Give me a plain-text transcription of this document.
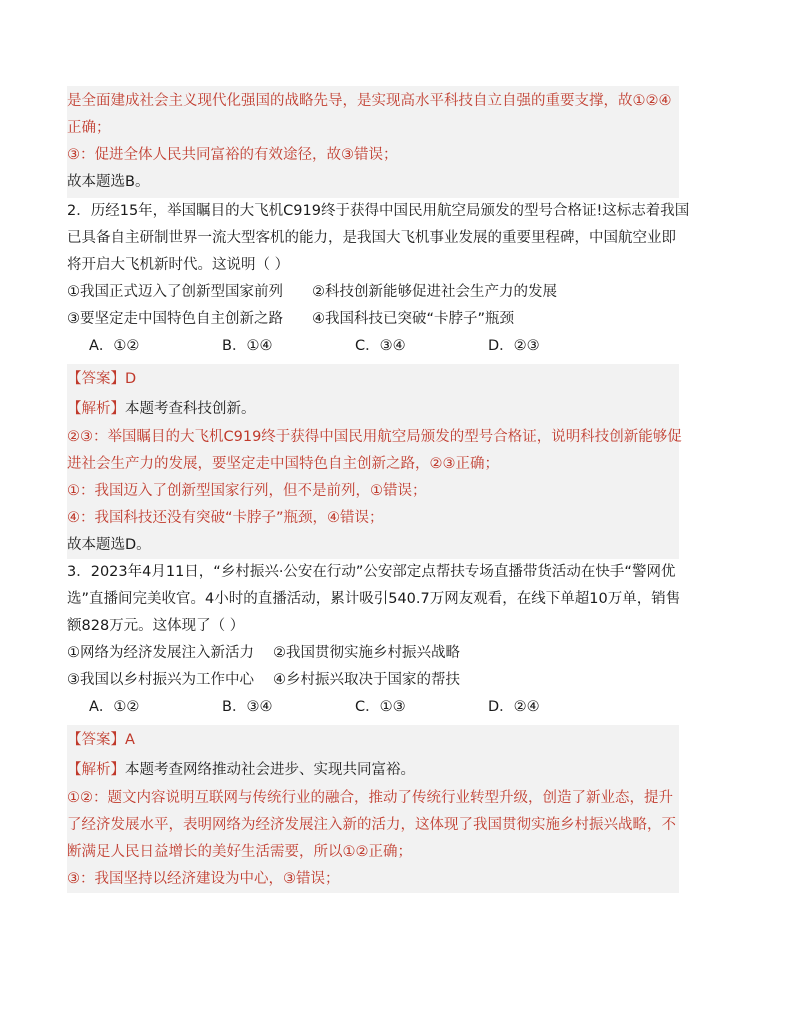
是全面建成社会主义现代化强国的战略先导，是实现高水平科技自立自强的重要支撑，故①②④
正确；
③：促进全体人民共同富裕的有效途径，故③错误；
故本题选B。
2．历经15年，举国瞩目的大飞机C919终于获得中国民用航空局颁发的型号合格证!这标志着我国
已具备自主研制世界一流大型客机的能力，是我国大飞机事业发展的重要里程碑，中国航空业即
将开启大飞机新时代。这说明（ ）
①我国正式迈入了创新型国家前列 ②科技创新能够促进社会生产力的发展
③要坚定走中国特色自主创新之路 ④我国科技已突破“卡脖子”瓶颈
A．①②	B．①④	C．③④	D．②③
【答案】D
【解析】本题考查科技创新。
②③：举国瞩目的大飞机C919终于获得中国民用航空局颁发的型号合格证，说明科技创新能够促
进社会生产力的发展，要坚定走中国特色自主创新之路，②③正确；
①：我国迈入了创新型国家行列，但不是前列，①错误；
④：我国科技还没有突破“卡脖子”瓶颈，④错误；
故本题选D。
3．2023年4月11日，“乡村振兴·公安在行动”公安部定点帮扶专场直播带货活动在快手“警网优
选”直播间完美收官。4小时的直播活动，累计吸引540.7万网友观看，在线下单超10万单，销售
额828万元。这体现了（ ）
①网络为经济发展注入新活力 ②我国贯彻实施乡村振兴战略
③我国以乡村振兴为工作中心 ④乡村振兴取决于国家的帮扶
A．①②	B．③④	C．①③	D．②④
【答案】A
【解析】本题考查网络推动社会进步、实现共同富裕。
①②：题文内容说明互联网与传统行业的融合，推动了传统行业转型升级，创造了新业态，提升
了经济发展水平，表明网络为经济发展注入新的活力，这体现了我国贯彻实施乡村振兴战略，不
断满足人民日益增长的美好生活需要，所以①②正确；
③：我国坚持以经济建设为中心，③错误；
